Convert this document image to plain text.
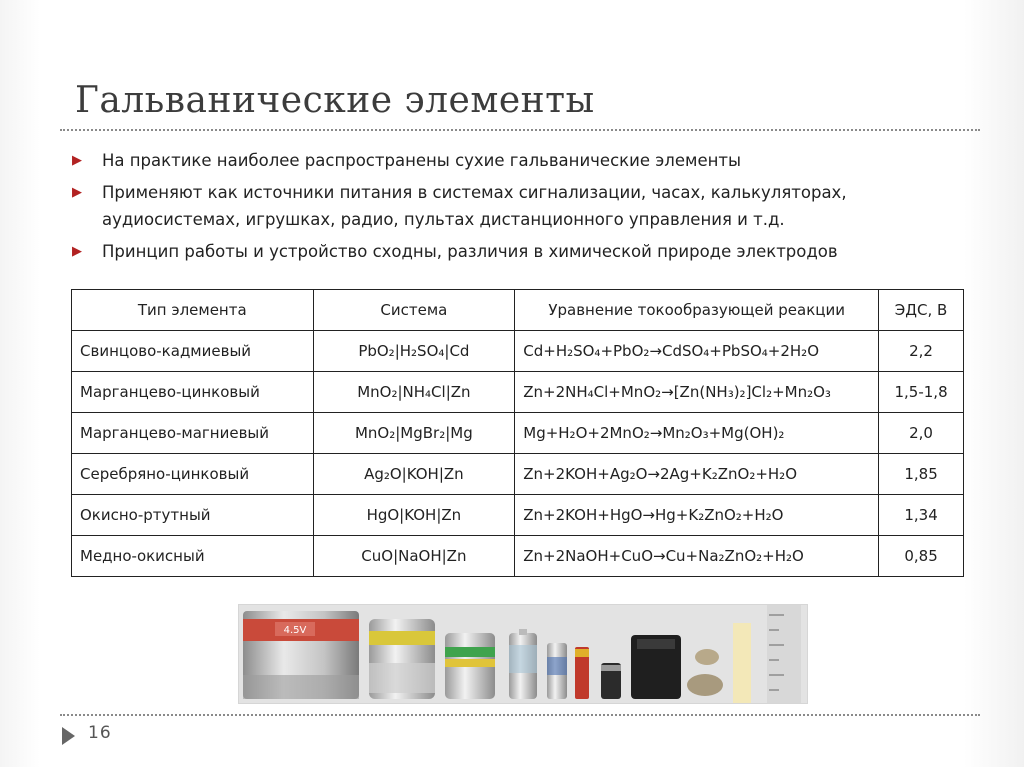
Гальванические элементы
▶ На практике наиболее распространены сухие гальванические элементы
▶ Применяют как источники питания в системах сигнализации, часах, калькуляторах, аудиосистемах, игрушках, радио, пультах дистанционного управления и т.д.
▶ Принцип работы и устройство сходны, различия в химической природе электродов
Тип элемента	Система	Уравнение токообразующей реакции	ЭДС, В
Свинцово-кадмиевый	PbO₂|H₂SO₄|Cd	Cd+H₂SO₄+PbO₂→CdSO₄+PbSO₄+2H₂O	2,2
Марганцево-цинковый	MnO₂|NH₄Cl|Zn	Zn+2NH₄Cl+MnO₂→[Zn(NH₃)₂]Cl₂+Mn₂O₃	1,5-1,8
Марганцево-магниевый	MnO₂|MgBr₂|Mg	Mg+H₂O+2MnO₂→Mn₂O₃+Mg(OH)₂	2,0
Серебряно-цинковый	Ag₂O|KOH|Zn	Zn+2KOH+Ag₂O→2Ag+K₂ZnO₂+H₂O	1,85
Окисно-ртутный	HgO|KOH|Zn	Zn+2KOH+HgO→Hg+K₂ZnO₂+H₂O	1,34
Медно-окисный	CuO|NaOH|Zn	Zn+2NaOH+CuO→Cu+Na₂ZnO₂+H₂O	0,85
4.5V
16
